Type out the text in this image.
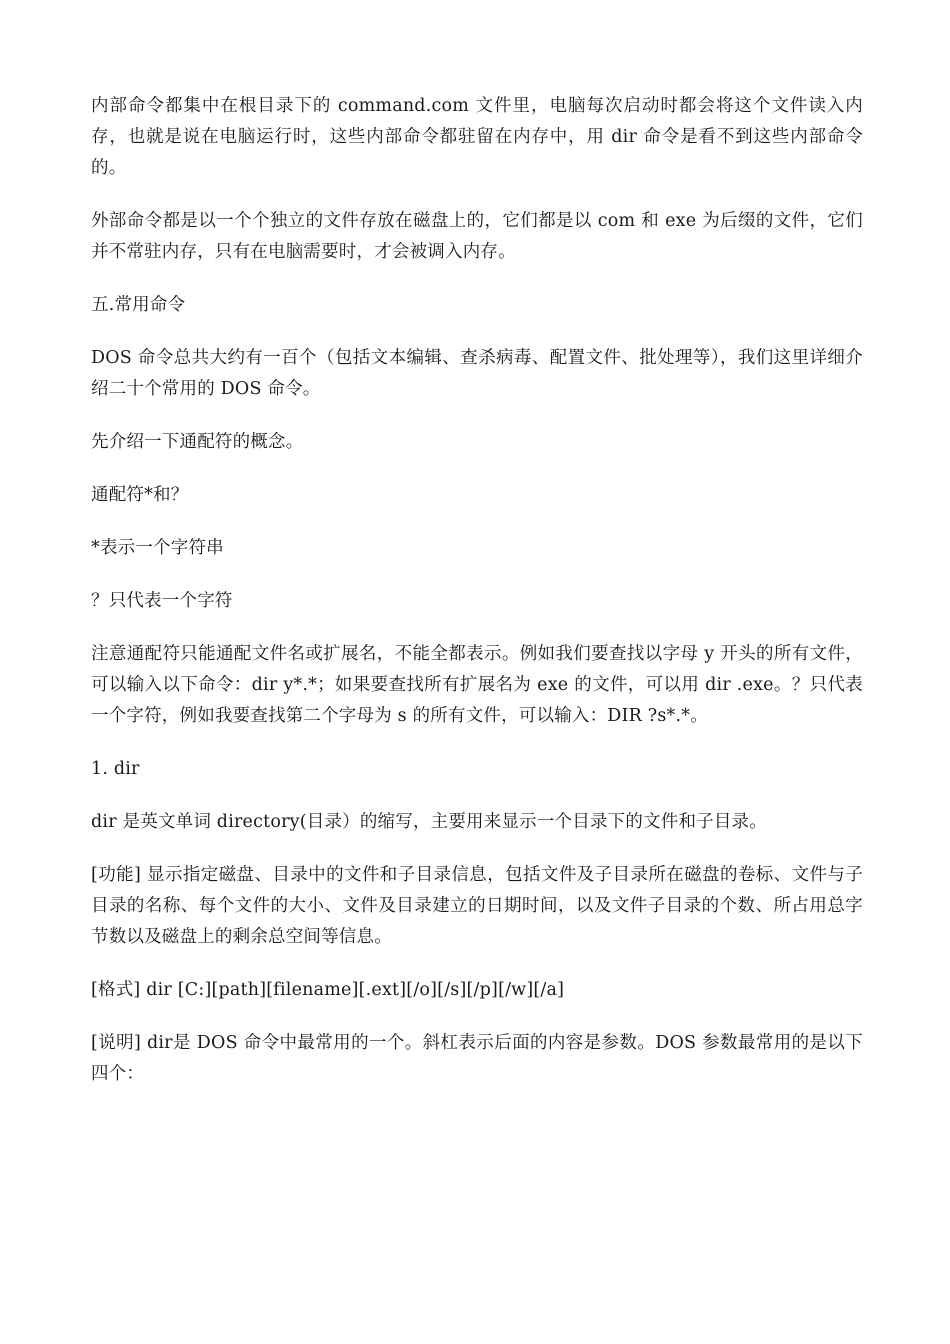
内部命令都集中在根目录下的 command.com 文件里，电脑每次启动时都会将这个文件读入内存，也就是说在电脑运行时，这些内部命令都驻留在内存中，用 dir 命令是看不到这些内部命令的。

外部命令都是以一个个独立的文件存放在磁盘上的，它们都是以 com 和 exe 为后缀的文件，它们并不常驻内存，只有在电脑需要时，才会被调入内存。

五.常用命令

DOS 命令总共大约有一百个（包括文本编辑、查杀病毒、配置文件、批处理等），我们这里详细介绍二十个常用的 DOS 命令。

先介绍一下通配符的概念。

通配符*和？

*表示一个字符串

？只代表一个字符

注意通配符只能通配文件名或扩展名，不能全都表示。例如我们要查找以字母 y 开头的所有文件，可以输入以下命令：dir y*.*；如果要查找所有扩展名为 exe 的文件，可以用 dir .exe。？只代表一个字符，例如我要查找第二个字母为 s 的所有文件，可以输入：DIR ?s*.*。

1. dir

dir 是英文单词 directory(目录）的缩写，主要用来显示一个目录下的文件和子目录。

[功能] 显示指定磁盘、目录中的文件和子目录信息，包括文件及子目录所在磁盘的卷标、文件与子目录的名称、每个文件的大小、文件及目录建立的日期时间，以及文件子目录的个数、所占用总字节数以及磁盘上的剩余总空间等信息。

[格式] dir [C:][path][filename][.ext][/o][/s][/p][/w][/a]

[说明] dir是 DOS 命令中最常用的一个。斜杠表示后面的内容是参数。DOS 参数最常用的是以下四个：
